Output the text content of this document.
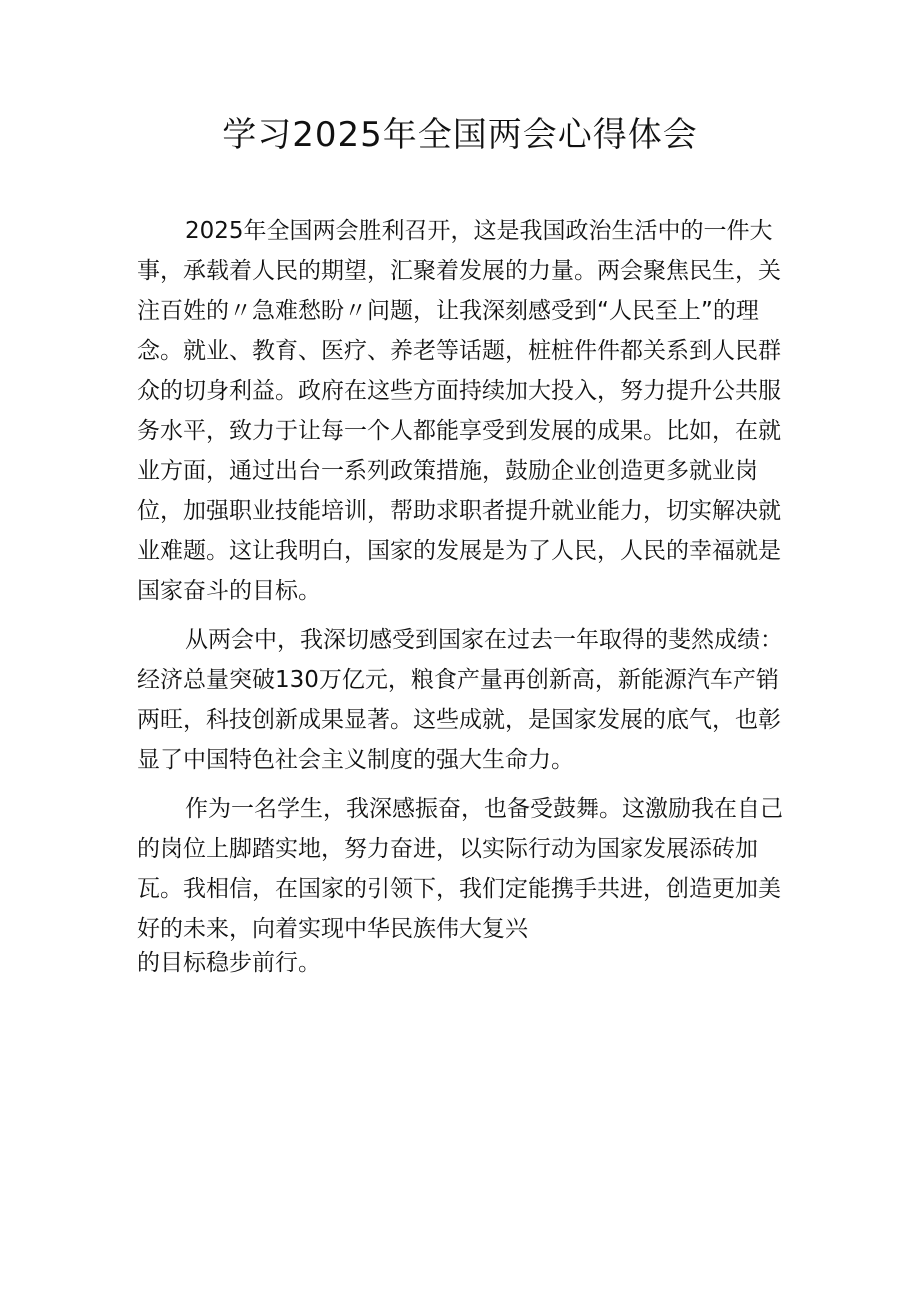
学习2025年全国两会心得体会

2025年全国两会胜利召开，这是我国政治生活中的一件大事，承载着人民的期望，汇聚着发展的力量。两会聚焦民生，关注百姓的〃急难愁盼〃问题，让我深刻感受到“人民至上”的理念。就业、教育、医疗、养老等话题，桩桩件件都关系到人民群众的切身利益。政府在这些方面持续加大投入，努力提升公共服务水平，致力于让每一个人都能享受到发展的成果。比如，在就业方面，通过出台一系列政策措施，鼓励企业创造更多就业岗位，加强职业技能培训，帮助求职者提升就业能力，切实解决就业难题。这让我明白，国家的发展是为了人民，人民的幸福就是国家奋斗的目标。

从两会中，我深切感受到国家在过去一年取得的斐然成绩：经济总量突破130万亿元，粮食产量再创新高，新能源汽车产销两旺，科技创新成果显著。这些成就，是国家发展的底气，也彰显了中国特色社会主义制度的强大生命力。

作为一名学生，我深感振奋，也备受鼓舞。这激励我在自己的岗位上脚踏实地，努力奋进，以实际行动为国家发展添砖加瓦。我相信，在国家的引领下，我们定能携手共进，创造更加美好的未来，向着实现中华民族伟大复兴

的目标稳步前行。
